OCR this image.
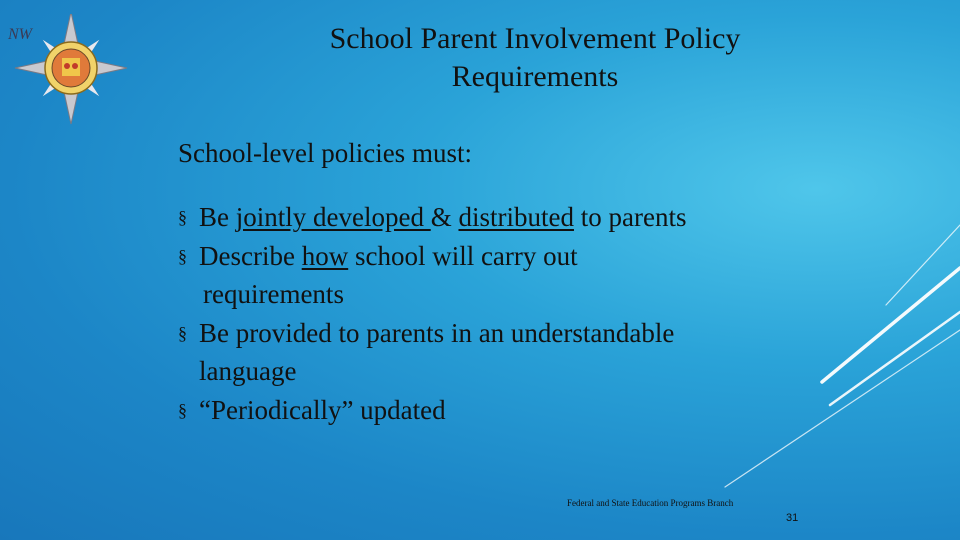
NW	School Parent Involvement Policy
Requirements
School-level policies must:
§ Be jointly developed & distributed to parents
§ Describe how school will carry out
requirements
§ Be provided to parents in an understandable
language
§ “Periodically” updated
Federal and State Education Programs Branch
31
